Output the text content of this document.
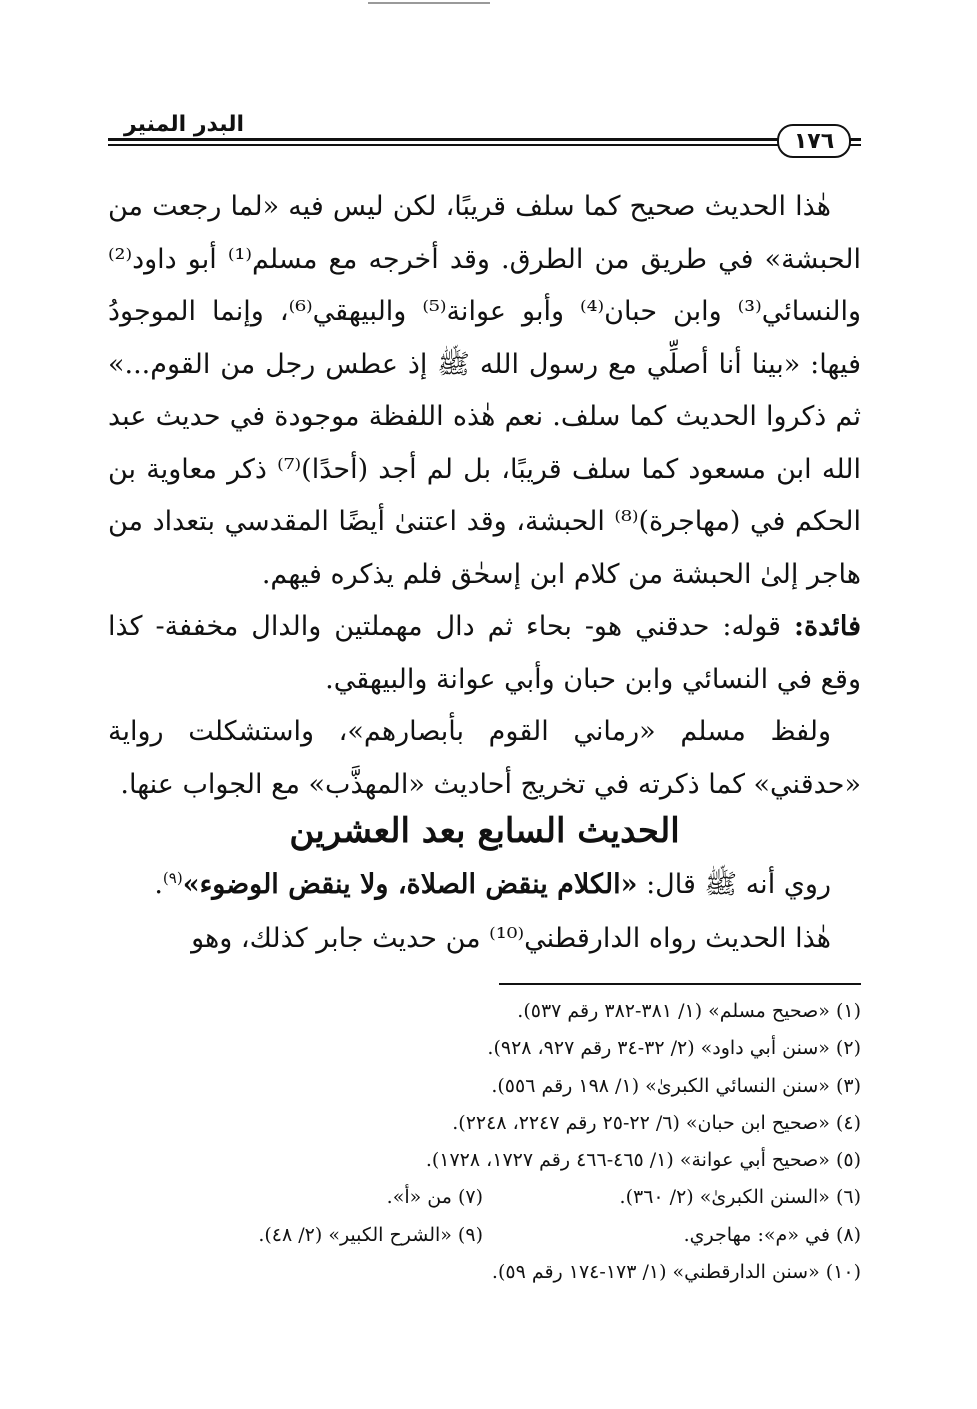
البدر المنير
١٧٦

هٰذا الحديث صحيح كما سلف قريبًا، لكن ليس فيه «لما رجعت من الحبشة» في طريق من الطرق. وقد أخرجه مع مسلم⁽¹⁾ أبو داود⁽²⁾ والنسائي⁽³⁾ وابن حبان⁽⁴⁾ وأبو عوانة⁽⁵⁾ والبيهقي⁽⁶⁾، وإنما الموجودُ فيها: «بينا أنا أصلِّي مع رسول الله ﷺ إذ عطس رجل من القوم...» ثم ذكروا الحديث كما سلف. نعم هٰذه اللفظة موجودة في حديث عبد الله ابن مسعود كما سلف قريبًا، بل لم أجد (أحدًا)⁽⁷⁾ ذكر معاوية بن الحكم في (مهاجرة)⁽⁸⁾ الحبشة، وقد اعتنىٰ أيضًا المقدسي بتعداد من هاجر إلىٰ الحبشة من كلام ابن إسحٰق فلم يذكره فيهم.

فائدة: قوله: حدقني هو- بحاء ثم دال مهملتين والدال مخففة- كذا وقع في النسائي وابن حبان وأبي عوانة والبيهقي.

ولفظ مسلم «رماني القوم بأبصارهم»، واستشكلت رواية «حدقني» كما ذكرته في تخريج أحاديث «المهذَّب» مع الجواب عنها.

الحديث السابع بعد العشرين

روي أنه ﷺ قال: «الكلام ينقض الصلاة، ولا ينقض الوضوء»$^{(٩)}$.

هٰذا الحديث رواه الدارقطني⁽¹⁰⁾ من حديث جابر كذلك، وهو

(١) «صحيح مسلم» (١/ ٣٨١-٣٨٢ رقم ٥٣٧).
(٢) «سنن أبي داود» (٢/ ٣٢-٣٤ رقم ٩٢٧، ٩٢٨).
(٣) «سنن النسائي الكبرىٰ» (١/ ١٩٨ رقم ٥٥٦).
(٤) «صحيح ابن حبان» (٦/ ٢٢-٢٥ رقم ٢٢٤٧، ٢٢٤٨).
(٥) «صحيح أبي عوانة» (١/ ٤٦٥-٤٦٦ رقم ١٧٢٧، ١٧٢٨).
(٦) «السنن الكبرىٰ» (٢/ ٣٦٠).
(٧) من «أ».
(٨) في «م»: مهاجري.
(٩) «الشرح الكبير» (٢/ ٤٨).
(١٠) «سنن الدارقطني» (١/ ١٧٣-١٧٤ رقم ٥٩).
